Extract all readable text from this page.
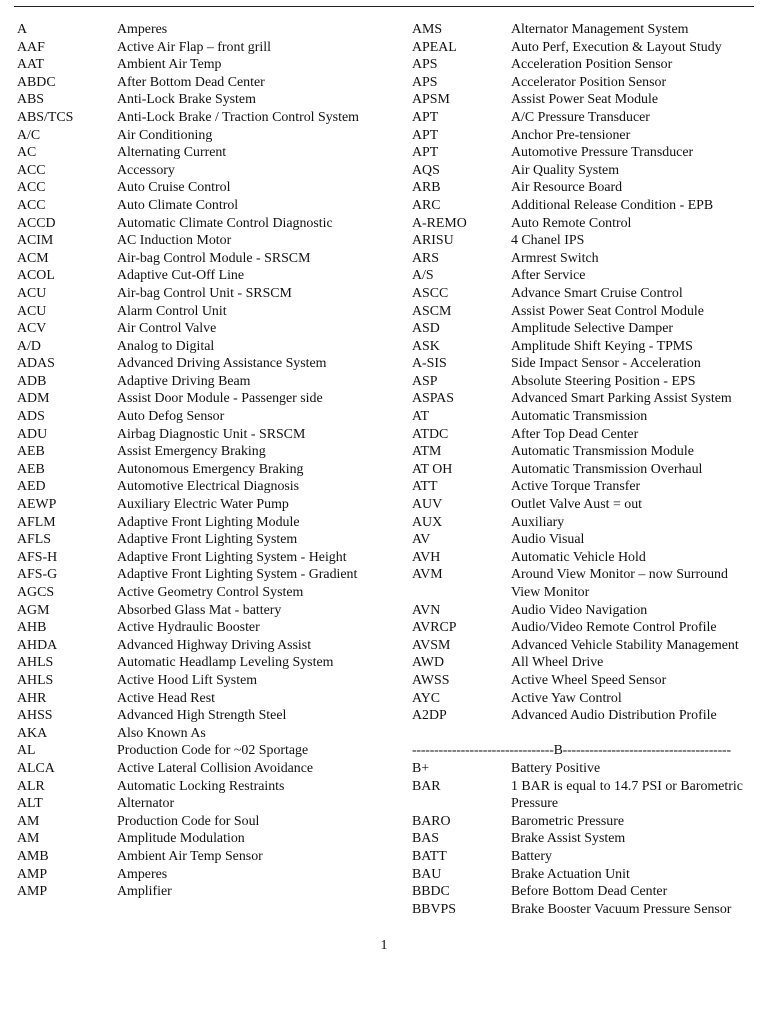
A	Amperes
AAF	Active Air Flap – front grill
AAT	Ambient Air Temp
ABDC	After Bottom Dead Center
ABS	Anti-Lock Brake System
ABS/TCS	Anti-Lock Brake / Traction Control System
A/C	Air Conditioning
AC	Alternating Current
ACC	Accessory
ACC	Auto Cruise Control
ACC	Auto Climate Control
ACCD	Automatic Climate Control Diagnostic
ACIM	AC Induction Motor
ACM	Air-bag Control Module - SRSCM
ACOL	Adaptive Cut-Off Line
ACU	Air-bag Control Unit - SRSCM
ACU	Alarm Control Unit
ACV	Air Control Valve
A/D	Analog to Digital
ADAS	Advanced Driving Assistance System
ADB	Adaptive Driving Beam
ADM	Assist Door Module - Passenger side
ADS	Auto Defog Sensor
ADU	Airbag Diagnostic Unit - SRSCM
AEB	Assist Emergency Braking
AEB	Autonomous Emergency Braking
AED	Automotive Electrical Diagnosis
AEWP	Auxiliary Electric Water Pump
AFLM	Adaptive Front Lighting Module
AFLS	Adaptive Front Lighting System
AFS-H	Adaptive Front Lighting System - Height
AFS-G	Adaptive Front Lighting System - Gradient
AGCS	Active Geometry Control System
AGM	Absorbed Glass Mat - battery
AHB	Active Hydraulic Booster
AHDA	Advanced Highway Driving Assist
AHLS	Automatic Headlamp Leveling System
AHLS	Active Hood Lift System
AHR	Active Head Rest
AHSS	Advanced High Strength Steel
AKA	Also Known As
AL	Production Code for ~02 Sportage
ALCA	Active Lateral Collision Avoidance
ALR	Automatic Locking Restraints
ALT	Alternator
AM	Production Code for Soul
AM	Amplitude Modulation
AMB	Ambient Air Temp Sensor
AMP	Amperes
AMP	Amplifier
AMS	Alternator Management System
APEAL	Auto Perf, Execution & Layout Study
APS	Acceleration Position Sensor
APS	Accelerator Position Sensor
APSM	Assist Power Seat Module
APT	A/C Pressure Transducer
APT	Anchor Pre-tensioner
APT	Automotive Pressure Transducer
AQS	Air Quality System
ARB	Air Resource Board
ARC	Additional Release Condition - EPB
A-REMO	Auto Remote Control
ARISU	4 Chanel IPS
ARS	Armrest Switch
A/S	After Service
ASCC	Advance Smart Cruise Control
ASCM	Assist Power Seat Control Module
ASD	Amplitude Selective Damper
ASK	Amplitude Shift Keying - TPMS
A-SIS	Side Impact Sensor - Acceleration
ASP	Absolute Steering Position - EPS
ASPAS	Advanced Smart Parking Assist System
AT	Automatic Transmission
ATDC	After Top Dead Center
ATM	Automatic Transmission Module
AT OH	Automatic Transmission Overhaul
ATT	Active Torque Transfer
AUV	Outlet Valve Aust = out
AUX	Auxiliary
AV	Audio Visual
AVH	Automatic Vehicle Hold
AVM	Around View Monitor – now Surround View Monitor
AVN	Audio Video Navigation
AVRCP	Audio/Video Remote Control Profile
AVSM	Advanced Vehicle Stability Management
AWD	All Wheel Drive
AWSS	Active Wheel Speed Sensor
AYC	Active Yaw Control
A2DP	Advanced Audio Distribution Profile
--------------------------------B--------------------------------------
B+	Battery Positive
BAR	1 BAR is equal to 14.7 PSI or Barometric Pressure
BARO	Barometric Pressure
BAS	Brake Assist System
BATT	Battery
BAU	Brake Actuation Unit
BBDC	Before Bottom Dead Center
BBVPS	Brake Booster Vacuum Pressure Sensor
1
